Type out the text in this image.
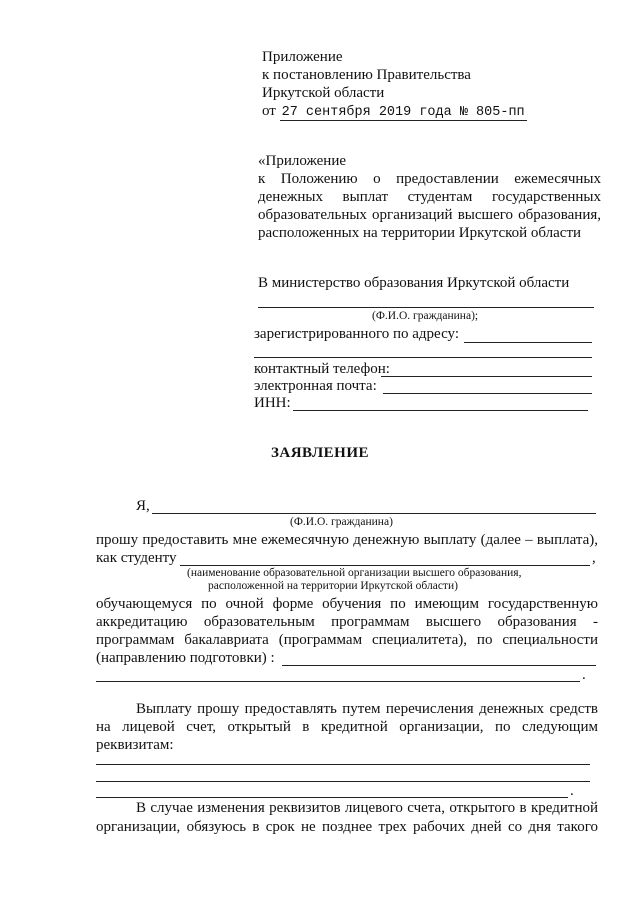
Приложение
к постановлению Правительства
Иркутской области
от 27 сентября 2019 года № 805-пп
«Приложение
к Положению о предоставлении ежемесячных
денежных выплат студентам государственных
образовательных организаций высшего образования,
расположенных на территории Иркутской области
В министерство образования Иркутской области
(Ф.И.О. гражданина);
зарегистрированного по адресу:
контактный телефон:
электронная почта:
ИНН:
ЗАЯВЛЕНИЕ
Я,
(Ф.И.О. гражданина)
прошу предоставить мне ежемесячную денежную выплату (далее – выплата),
как студенту	,
(наименование образовательной организации высшего образования,
расположенной на территории Иркутской области)
обучающемуся по очной форме обучения по имеющим государственную
аккредитацию образовательным программам высшего образования -
программам бакалавриата (программам специалитета), по специальности
(направлению подготовки) :
.
Выплату прошу предоставлять путем перечисления денежных средств
на лицевой счет, открытый в кредитной организации, по следующим
реквизитам:
.
В случае изменения реквизитов лицевого счета, открытого в кредитной
организации, обязуюсь в срок не позднее трех рабочих дней со дня такого
